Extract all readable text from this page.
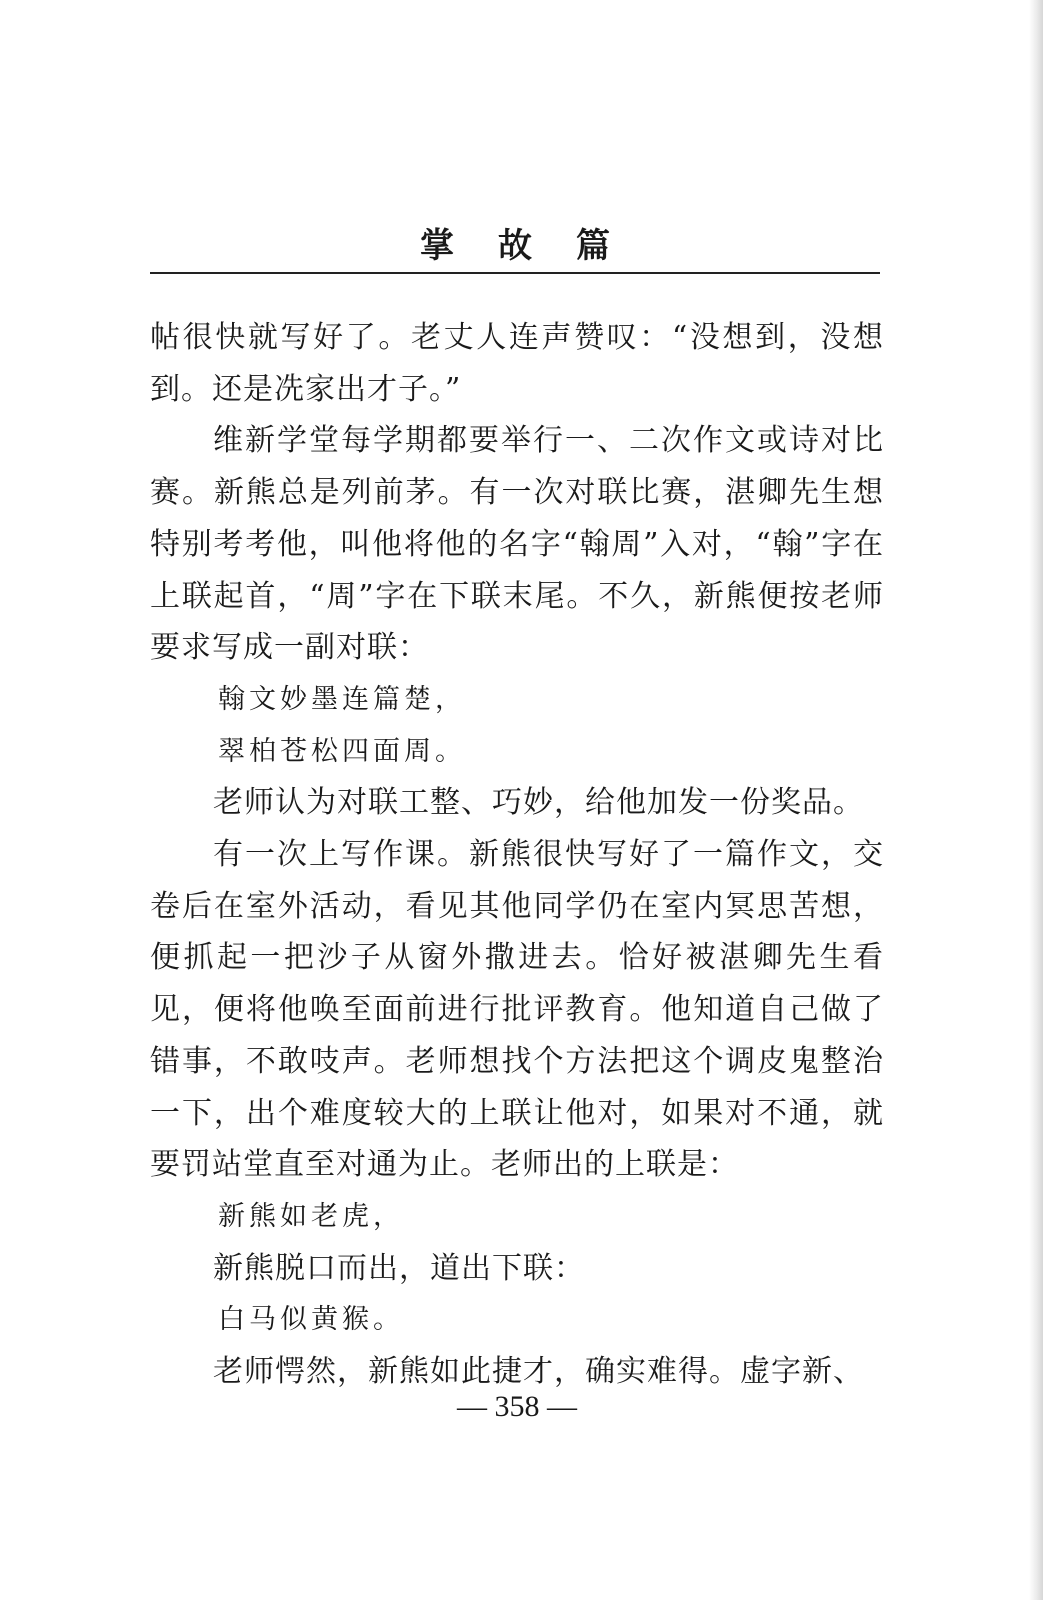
掌故篇

帖很快就写好了。老丈人连声赞叹：“没想到，没想到。还是冼家出才子。”

维新学堂每学期都要举行一、二次作文或诗对比赛。新熊总是列前茅。有一次对联比赛，湛卿先生想特别考考他，叫他将他的名字“翰周”入对，“翰”字在上联起首，“周”字在下联末尾。不久，新熊便按老师要求写成一副对联：

翰文妙墨连篇楚，

翠柏苍松四面周。

老师认为对联工整、巧妙，给他加发一份奖品。

有一次上写作课。新熊很快写好了一篇作文，交卷后在室外活动，看见其他同学仍在室内冥思苦想，便抓起一把沙子从窗外撒进去。恰好被湛卿先生看见，便将他唤至面前进行批评教育。他知道自己做了错事，不敢吱声。老师想找个方法把这个调皮鬼整治一下，出个难度较大的上联让他对，如果对不通，就要罚站堂直至对通为止。老师出的上联是：

新熊如老虎，

新熊脱口而出，道出下联：

白马似黄猴。

老师愕然，新熊如此捷才，确实难得。虚字新、

— 358 —
